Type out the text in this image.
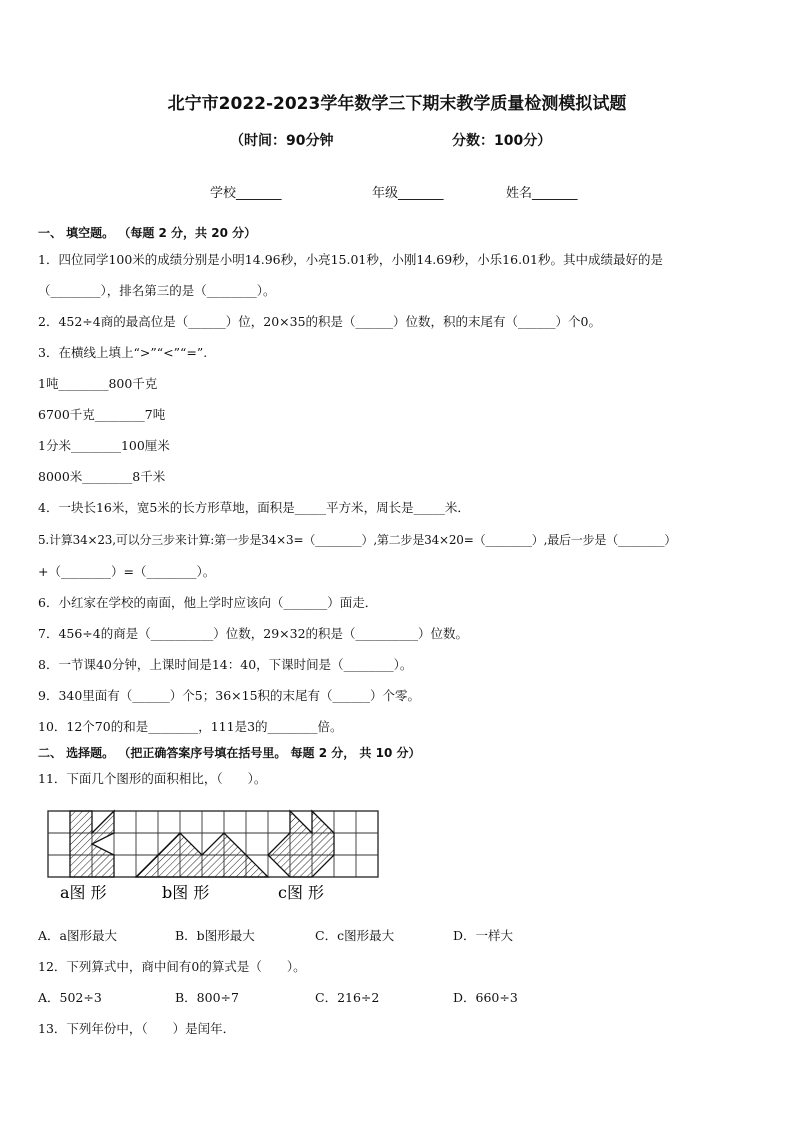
北宁市2022-2023学年数学三下期末教学质量检测模拟试题
（时间：90分钟	分数：100分）
学校_______	年级_______	姓名_______
一、 填空题。 （每题 2 分，共 20 分）
1．四位同学100米的成绩分别是小明14.96秒，小亮15.01秒，小刚14.69秒，小乐16.01秒。其中成绩最好的是
（________），排名第三的是（________）。
2．452÷4商的最高位是（______）位，20×35的积是（______）位数，积的末尾有（______）个0。
3．在横线上填上“>”“<”“=”.
1吨________800千克
6700千克________7吨
1分米________100厘米
8000米________8千米
4．一块长16米，宽5米的长方形草地，面积是_____平方米，周长是_____米．
5.计算34×23,可以分三步来计算:第一步是34×3=（________）,第二步是34×20=（________）,最后一步是（________）
+（________）=（________）。
6．小红家在学校的南面，他上学时应该向（_______）面走．
7．456÷4的商是（__________）位数，29×32的积是（__________）位数。
8．一节课40分钟，上课时间是14：40，下课时间是（________）。
9．340里面有（______）个5；36×15积的末尾有（______）个零。
10．12个70的和是________，111是3的________倍。
二、 选择题。 （把正确答案序号填在括号里。 每题 2 分， 共 10 分）
11．下面几个图形的面积相比，（　　）。
a图 形	b图 形	c图 形
A．a图形最大	B．b图形最大	C．c图形最大	D．一样大
12．下列算式中，商中间有0的算式是（　　）。
A．502÷3	B．800÷7	C．216÷2	D．660÷3
13．下列年份中，（　　）是闰年．
